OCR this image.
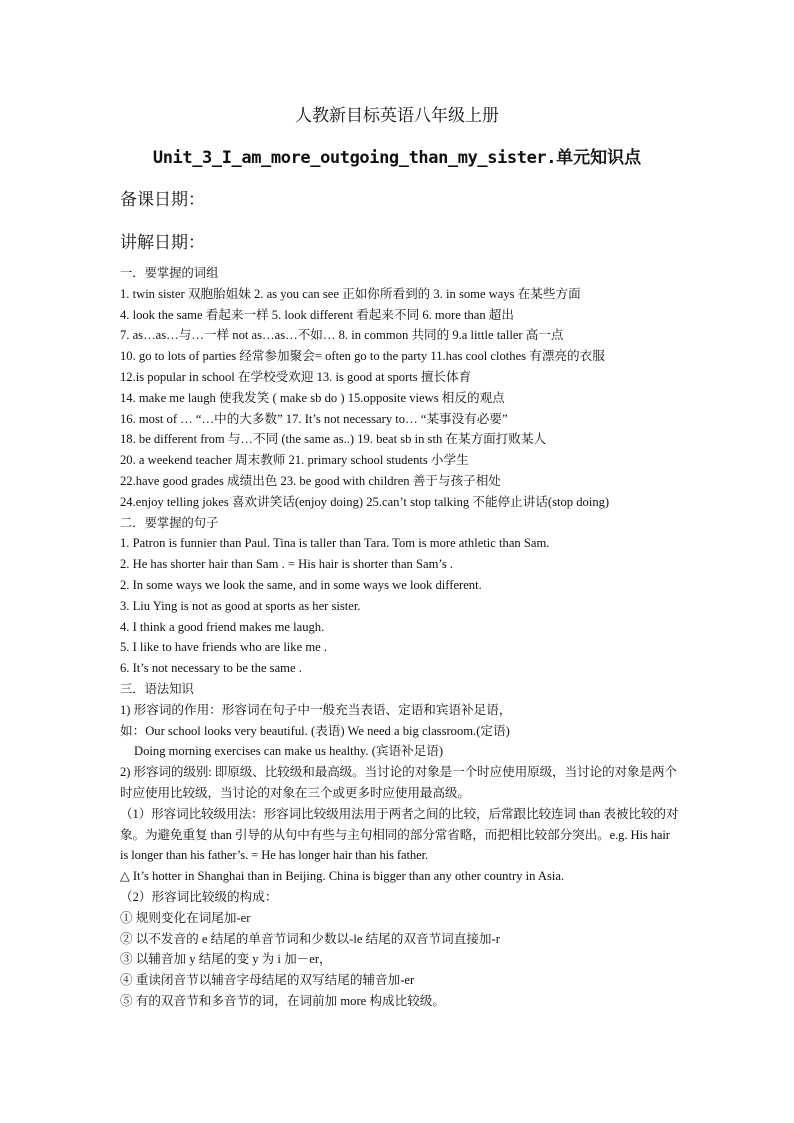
人教新目标英语八年级上册
Unit_3_I_am_more_outgoing_than_my_sister.单元知识点
备课日期：
讲解日期：
一．要掌握的词组
1. twin sister 双胞胎姐妹 2. as you can see 正如你所看到的 3. in some ways 在某些方面
4. look the same 看起来一样 5. look different 看起来不同 6. more than 超出
7. as…as…与…一样 not as…as…不如… 8. in common 共同的 9.a little taller 高一点
10. go to lots of parties 经常参加聚会= often go to the party 11.has cool clothes 有漂亮的衣服
12.is popular in school 在学校受欢迎 13. is good at sports 擅长体育
14. make me laugh 使我发笑 ( make sb do ) 15.opposite views 相反的观点
16. most of … “…中的大多数” 17. It’s not necessary to… “某事没有必要”
18. be different from 与…不同 (the same as..) 19. beat sb in sth 在某方面打败某人
20. a weekend teacher 周末教师 21. primary school students 小学生
22.have good grades 成绩出色 23. be good with children 善于与孩子相处
24.enjoy telling jokes 喜欢讲笑话(enjoy doing) 25.can’t stop talking 不能停止讲话(stop doing)
二．要掌握的句子
1. Patron is funnier than Paul. Tina is taller than Tara. Tom is more athletic than Sam.
2. He has shorter hair than Sam . = His hair is shorter than Sam’s .
2. In some ways we look the same, and in some ways we look different.
3. Liu Ying is not as good at sports as her sister.
4. I think a good friend makes me laugh.
5. I like to have friends who are like me .
6. It’s not necessary to be the same .
三．语法知识
1) 形容词的作用：形容词在句子中一般充当表语、定语和宾语补足语，
如：Our school looks very beautiful. (表语) We need a big classroom.(定语)
Doing morning exercises can make us healthy. (宾语补足语)
2) 形容词的级别: 即原级、比较级和最高级。当讨论的对象是一个时应使用原级，当讨论的对象是两个时应使用比较级，当讨论的对象在三个或更多时应使用最高级。
（1）形容词比较级用法：形容词比较级用法用于两者之间的比较，后常跟比较连词 than 表被比较的对象。为避免重复 than 引导的从句中有些与主句相同的部分常省略，而把相比较部分突出。e.g. His hair is longer than his father’s. = He has longer hair than his father.
△ It’s hotter in Shanghai than in Beijing. China is bigger than any other country in Asia.
（2）形容词比较级的构成：
① 规则变化在词尾加-er
② 以不发音的 e 结尾的单音节词和少数以-le 结尾的双音节词直接加-r
③ 以辅音加 y 结尾的变 y 为 i 加－er，
④ 重读闭音节以辅音字母结尾的双写结尾的辅音加-er
⑤ 有的双音节和多音节的词，在词前加 more 构成比较级。
